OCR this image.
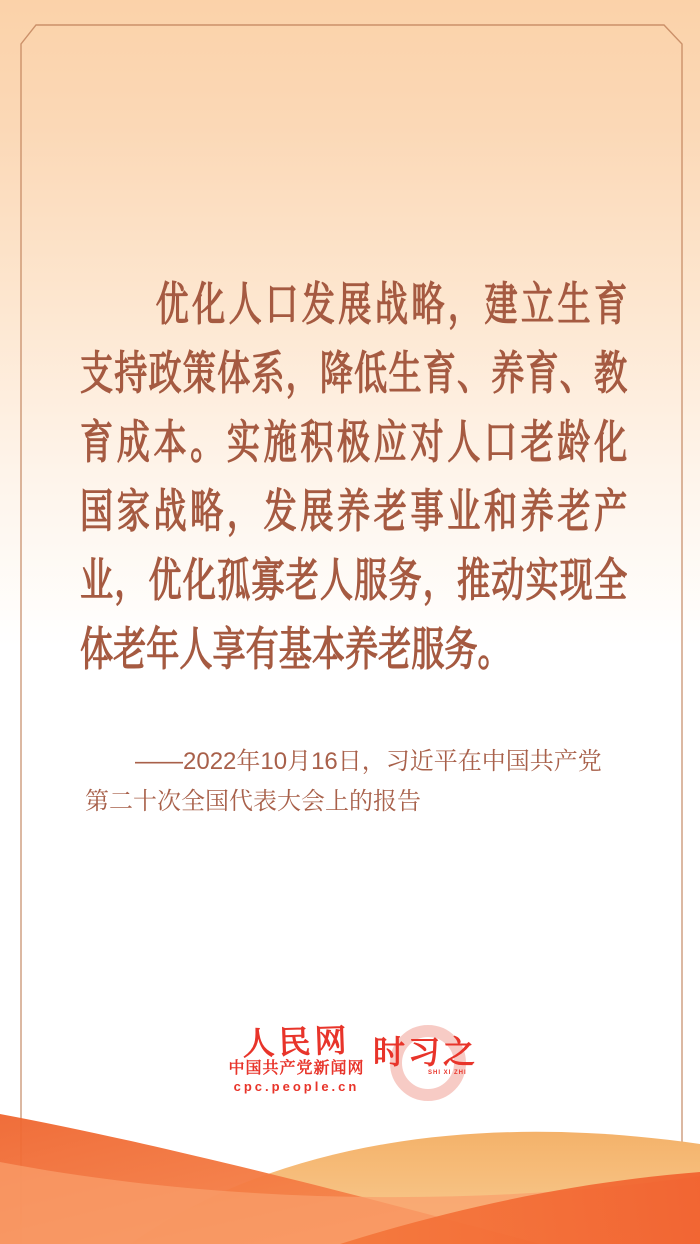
优化人口发展战略，建立生育
支持政策体系，降低生育、养育、教
育成本。实施积极应对人口老龄化
国家战略，发展养老事业和养老产
业，优化孤寡老人服务，推动实现全
体老年人享有基本养老服务。
——2022年10月16日，习近平在中国共产党
第二十次全国代表大会上的报告
人民网
中国共产党新闻网
cpc.people.cn
时习之
SHI XI ZHI
